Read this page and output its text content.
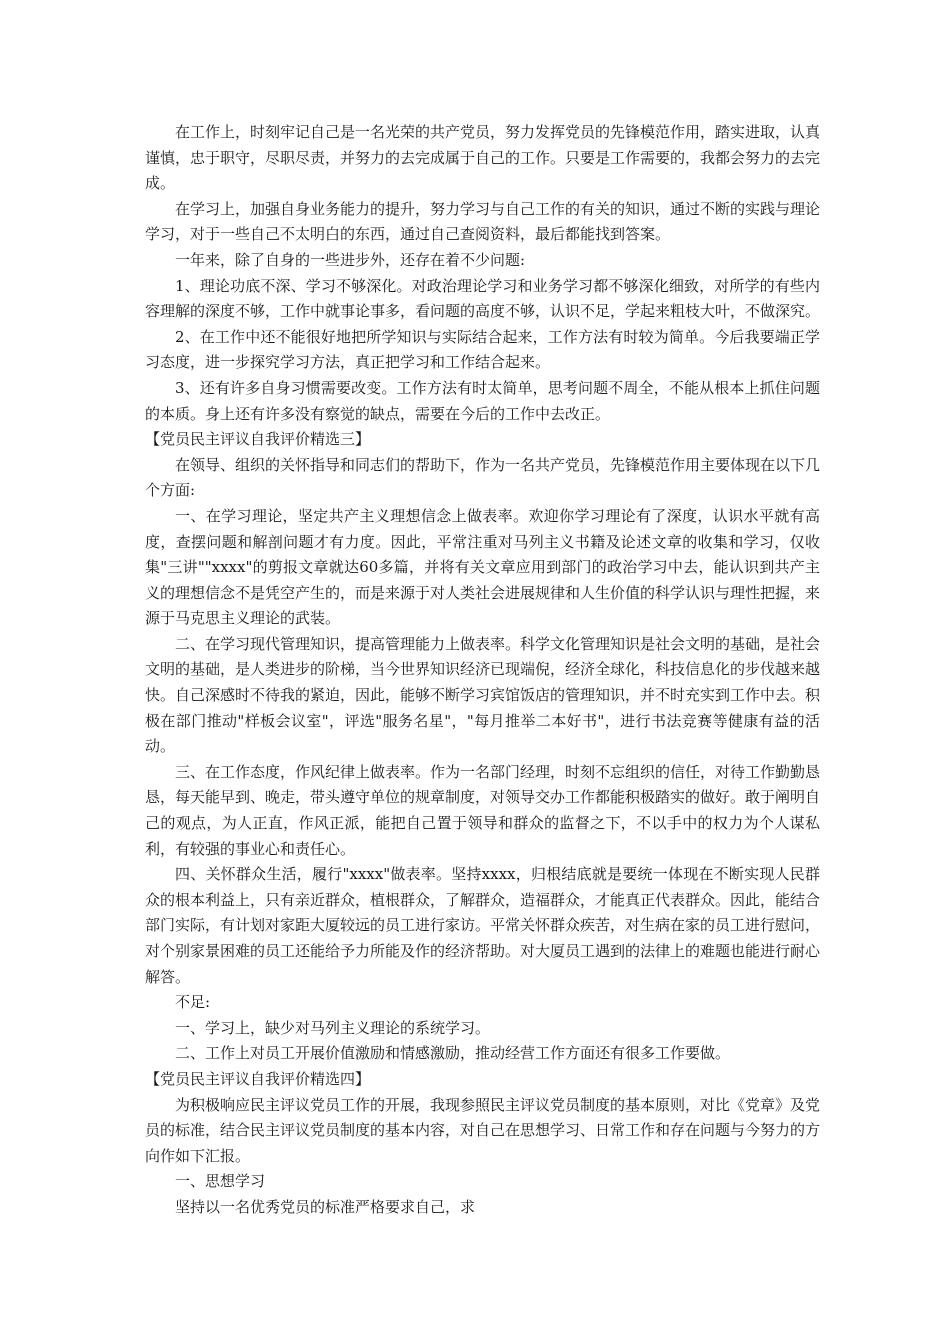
在工作上，时刻牢记自己是一名光荣的共产党员，努力发挥党员的先锋模范作用，踏实进取，认真谨慎，忠于职守，尽职尽责，并努力的去完成属于自己的工作。只要是工作需要的，我都会努力的去完成。

在学习上，加强自身业务能力的提升，努力学习与自己工作的有关的知识，通过不断的实践与理论学习，对于一些自己不太明白的东西，通过自己查阅资料，最后都能找到答案。

一年来，除了自身的一些进步外，还存在着不少问题:

1、理论功底不深、学习不够深化。对政治理论学习和业务学习都不够深化细致，对所学的有些内容理解的深度不够，工作中就事论事多，看问题的高度不够，认识不足，学起来粗枝大叶，不做深究。

2、在工作中还不能很好地把所学知识与实际结合起来，工作方法有时较为简单。今后我要端正学习态度，进一步探究学习方法，真正把学习和工作结合起来。

3、还有许多自身习惯需要改变。工作方法有时太简单，思考问题不周全，不能从根本上抓住问题的本质。身上还有许多没有察觉的缺点，需要在今后的工作中去改正。

【党员民主评议自我评价精选三】

在领导、组织的关怀指导和同志们的帮助下，作为一名共产党员，先锋模范作用主要体现在以下几个方面:

一、在学习理论，坚定共产主义理想信念上做表率。欢迎你学习理论有了深度，认识水平就有高度，查摆问题和解剖问题才有力度。因此，平常注重对马列主义书籍及论述文章的收集和学习，仅收集"三讲""xxxx"的剪报文章就达60多篇，并将有关文章应用到部门的政治学习中去，能认识到共产主义的理想信念不是凭空产生的，而是来源于对人类社会进展规律和人生价值的科学认识与理性把握，来源于马克思主义理论的武装。

二、在学习现代管理知识，提高管理能力上做表率。科学文化管理知识是社会文明的基础，是社会文明的基础，是人类进步的阶梯，当今世界知识经济已现端倪，经济全球化，科技信息化的步伐越来越快。自己深感时不待我的紧迫，因此，能够不断学习宾馆饭店的管理知识，并不时充实到工作中去。积极在部门推动"样板会议室"，评选"服务名星"，"每月推举二本好书"，进行书法竞赛等健康有益的活动。

三、在工作态度，作风纪律上做表率。作为一名部门经理，时刻不忘组织的信任，对待工作勤勤恳恳，每天能早到、晚走，带头遵守单位的规章制度，对领导交办工作都能积极踏实的做好。敢于阐明自己的观点，为人正直，作风正派，能把自己置于领导和群众的监督之下，不以手中的权力为个人谋私利，有较强的事业心和责任心。

四、关怀群众生活，履行"xxxx"做表率。坚持xxxx，归根结底就是要统一体现在不断实现人民群众的根本利益上，只有亲近群众，植根群众，了解群众，造福群众，才能真正代表群众。因此，能结合部门实际，有计划对家距大厦较远的员工进行家访。平常关怀群众疾苦，对生病在家的员工进行慰问，对个别家景困难的员工还能给予力所能及作的经济帮助。对大厦员工遇到的法律上的难题也能进行耐心解答。

不足:

一、学习上，缺少对马列主义理论的系统学习。

二、工作上对员工开展价值激励和情感激励，推动经营工作方面还有很多工作要做。

【党员民主评议自我评价精选四】

为积极响应民主评议党员工作的开展，我现参照民主评议党员制度的基本原则，对比《党章》及党员的标准，结合民主评议党员制度的基本内容，对自己在思想学习、日常工作和存在问题与今努力的方向作如下汇报。

一、思想学习

坚持以一名优秀党员的标准严格要求自己，求
